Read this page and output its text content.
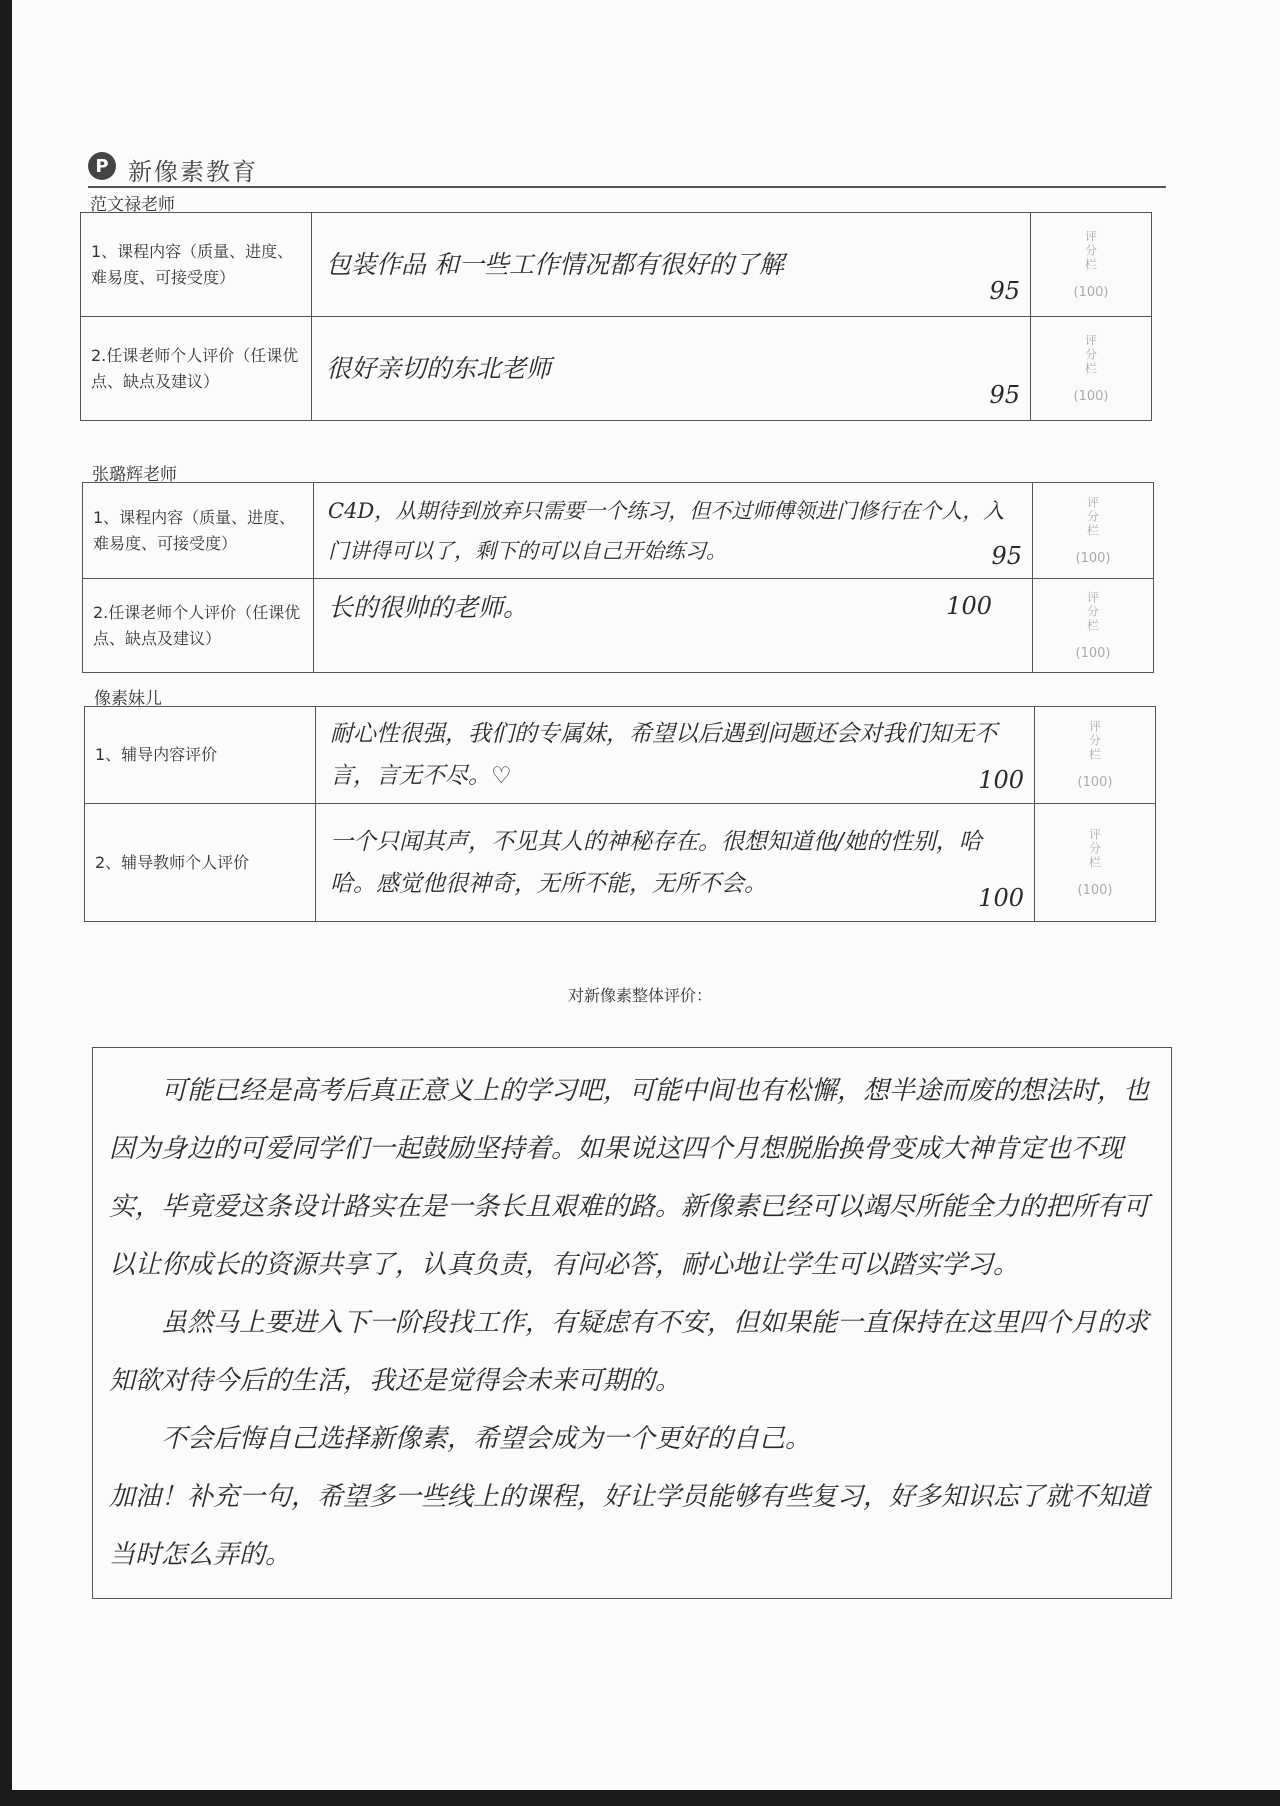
P 新像素教育
范文禄老师
1、课程内容（质量、进度、难易度、可接受度）	包装作品 和一些工作情况都有很好的了解
95	评分栏
(100)

2.任课老师个人评价（任课优点、缺点及建议）	很好亲切的东北老师
95	评分栏
(100)
张璐辉老师
1、课程内容（质量、进度、难易度、可接受度）	C4D，从期待到放弃只需要一个练习，但不过师傅领进门修行在个人，入门讲得可以了，剩下的可以自己开始练习。 95	评分栏
(100)

2.任课老师个人评价（任课优点、缺点及建议）	长的很帅的老师。 100	评分栏
(100)
像素妹儿
1、辅导内容评价	耐心性很强，我们的专属妹，希望以后遇到问题还会对我们知无不言，言无不尽。♡ 100	评分栏
(100)

2、辅导教师个人评价	一个只闻其声，不见其人的神秘存在。很想知道他/她的性别，哈哈。感觉他很神奇，无所不能，无所不会。
100	评分栏
(100)
对新像素整体评价：

可能已经是高考后真正意义上的学习吧，可能中间也有松懈，想半途而废的想法时，也因为身边的可爱同学们一起鼓励坚持着。如果说这四个月想脱胎换骨变成大神肯定也不现实，毕竟爱这条设计路实在是一条长且艰难的路。新像素已经可以竭尽所能全力的把所有可以让你成长的资源共享了，认真负责，有问必答，耐心地让学生可以踏实学习。

虽然马上要进入下一阶段找工作，有疑虑有不安，但如果能一直保持在这里四个月的求知欲对待今后的生活，我还是觉得会未来可期的。

不会后悔自己选择新像素，希望会成为一个更好的自己。

加油！补充一句，希望多一些线上的课程，好让学员能够有些复习，好多知识忘了就不知道当时怎么弄的。
